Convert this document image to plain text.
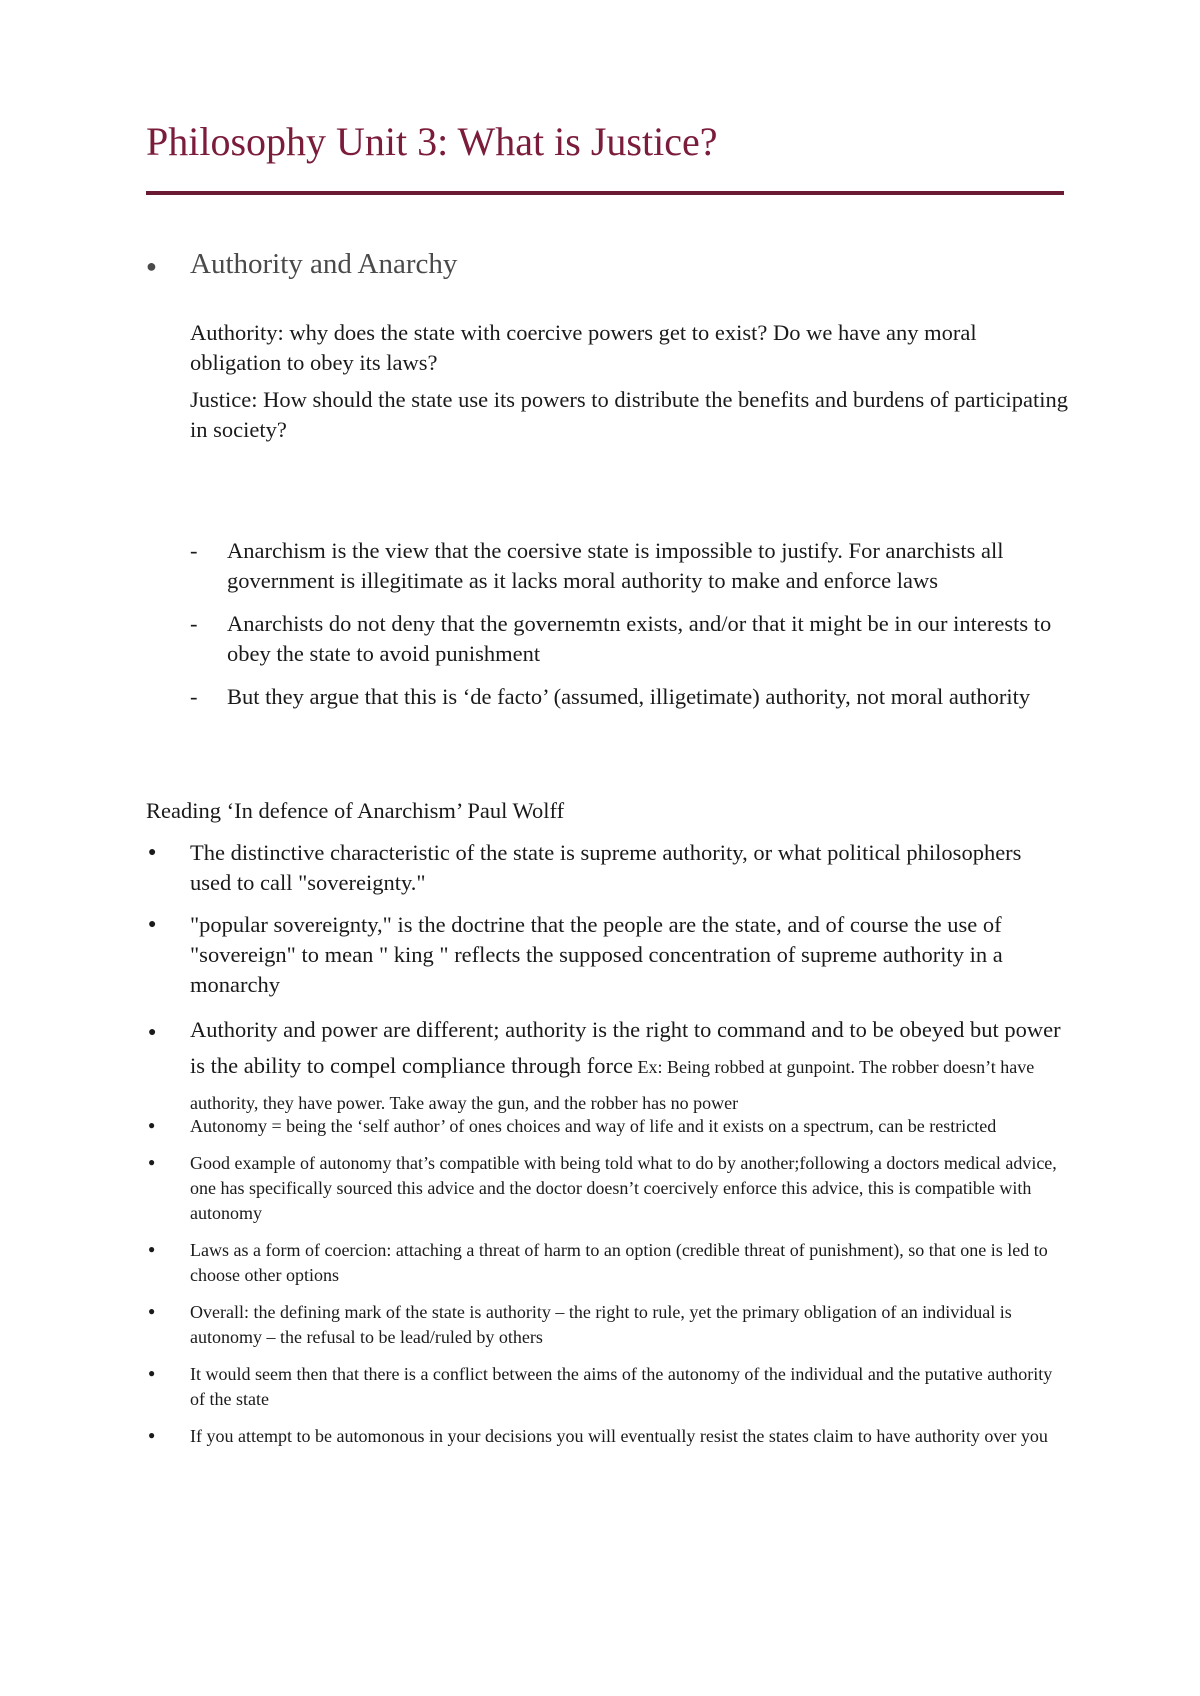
Philosophy Unit 3: What is Justice?
● Authority and Anarchy

Authority: why does the state with coercive powers get to exist? Do we have any moral obligation to obey its laws?

Justice: How should the state use its powers to distribute the benefits and burdens of participating in society?

- Anarchism is the view that the coersive state is impossible to justify. For anarchists all government is illegitimate as it lacks moral authority to make and enforce laws
- Anarchists do not deny that the governemtn exists, and/or that it might be in our interests to obey the state to avoid punishment
- But they argue that this is ‘de facto’ (assumed, illigetimate) authority, not moral authority

Reading ‘In defence of Anarchism’ Paul Wolff

● The distinctive characteristic of the state is supreme authority, or what political philosophers used to call "sovereignty."
● "popular sovereignty," is the doctrine that the people are the state, and of course the use of "sovereign" to mean " king " reflects the supposed concentration of supreme authority in a monarchy
● Authority and power are different; authority is the right to command and to be obeyed but power is the ability to compel compliance through force Ex: Being robbed at gunpoint. The robber doesn’t have authority, they have power. Take away the gun, and the robber has no power
● Autonomy = being the ‘self author’ of ones choices and way of life and it exists on a spectrum, can be restricted
● Good example of autonomy that’s compatible with being told what to do by another;following a doctors medical advice, one has specifically sourced this advice and the doctor doesn’t coercively enforce this advice, this is compatible with autonomy
● Laws as a form of coercion: attaching a threat of harm to an option (credible threat of punishment), so that one is led to choose other options
● Overall: the defining mark of the state is authority – the right to rule, yet the primary obligation of an individual is autonomy – the refusal to be lead/ruled by others
● It would seem then that there is a conflict between the aims of the autonomy of the individual and the putative authority of the state
● If you attempt to be automonous in your decisions you will eventually resist the states claim to have authority over you
